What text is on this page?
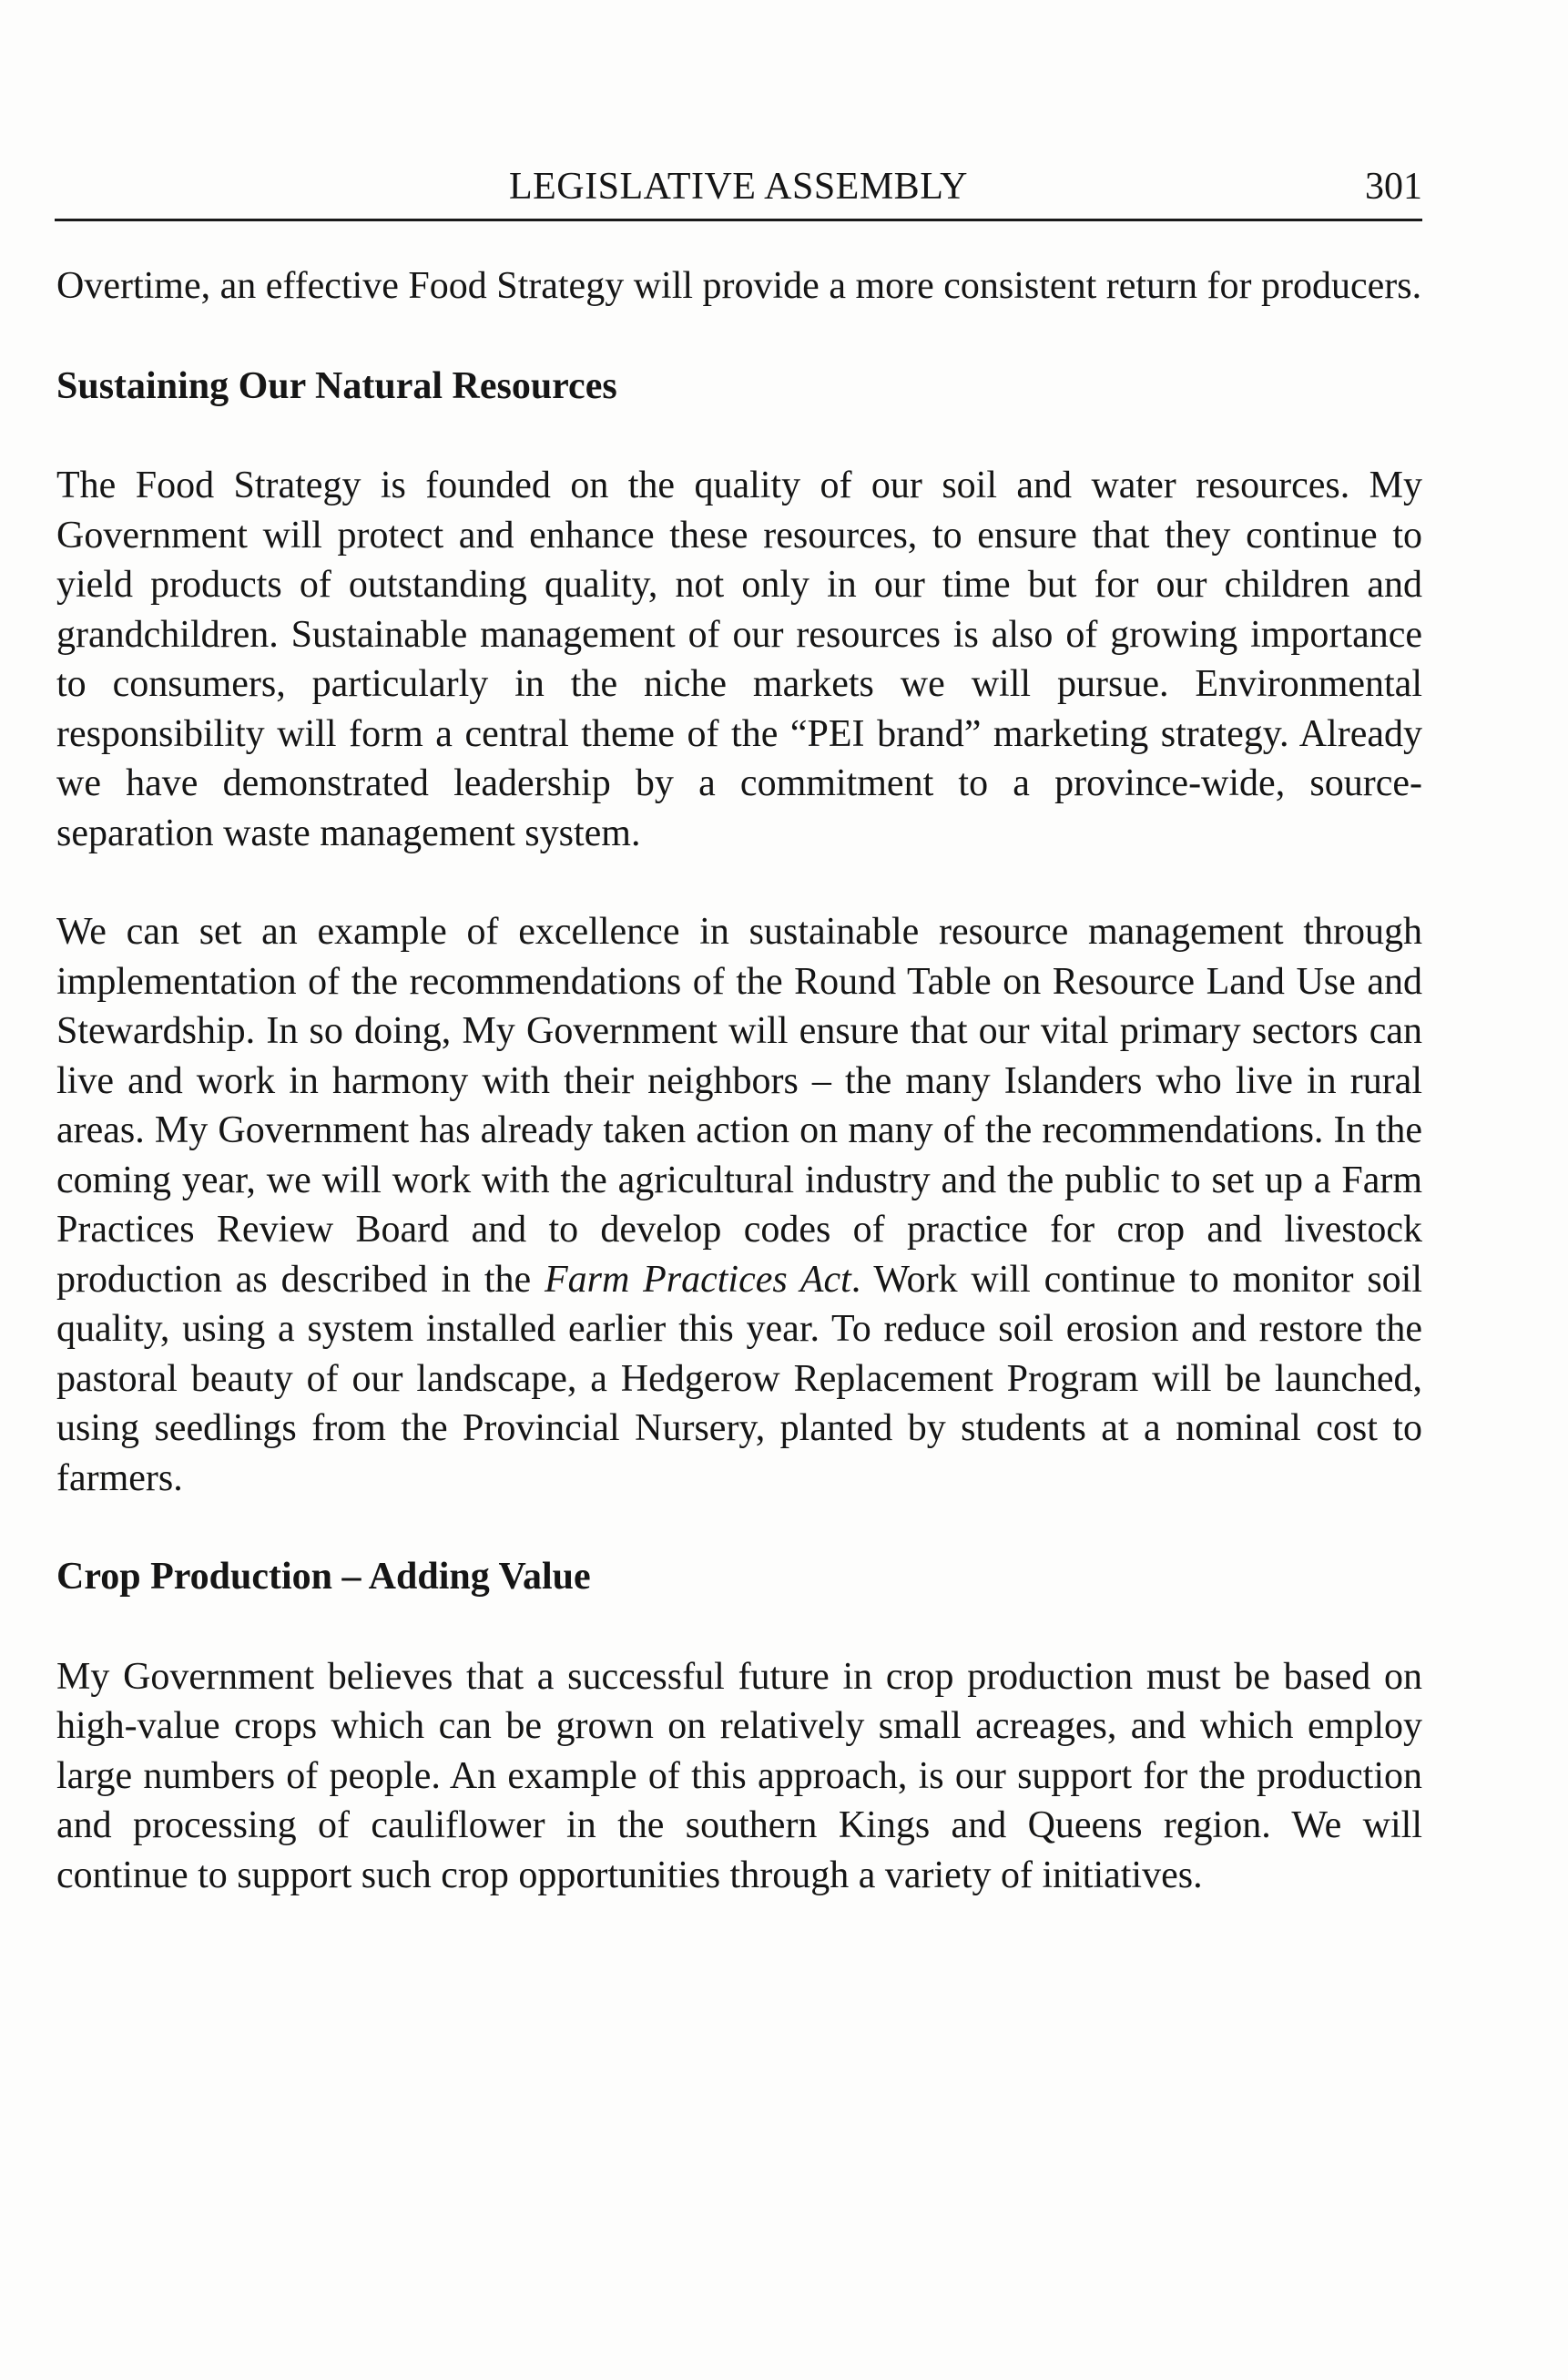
LEGISLATIVE ASSEMBLY	301

Overtime, an effective Food Strategy will provide a more consistent return for producers.

Sustaining Our Natural Resources

The Food Strategy is founded on the quality of our soil and water resources. My Government will protect and enhance these resources, to ensure that they continue to yield products of outstanding quality, not only in our time but for our children and grandchildren. Sustainable management of our resources is also of growing importance to consumers, particularly in the niche markets we will pursue. Environmental responsibility will form a central theme of the “PEI brand” marketing strategy. Already we have demonstrated leadership by a commitment to a province-wide, source-separation waste management system.

We can set an example of excellence in sustainable resource management through implementation of the recommendations of the Round Table on Resource Land Use and Stewardship. In so doing, My Government will ensure that our vital primary sectors can live and work in harmony with their neighbors – the many Islanders who live in rural areas. My Government has already taken action on many of the recommendations. In the coming year, we will work with the agricultural industry and the public to set up a Farm Practices Review Board and to develop codes of practice for crop and livestock production as described in the Farm Practices Act. Work will continue to monitor soil quality, using a system installed earlier this year. To reduce soil erosion and restore the pastoral beauty of our landscape, a Hedgerow Replacement Program will be launched, using seedlings from the Provincial Nursery, planted by students at a nominal cost to farmers.

Crop Production – Adding Value

My Government believes that a successful future in crop production must be based on high-value crops which can be grown on relatively small acreages, and which employ large numbers of people. An example of this approach, is our support for the production and processing of cauliflower in the southern Kings and Queens region. We will continue to support such crop opportunities through a variety of initiatives.
